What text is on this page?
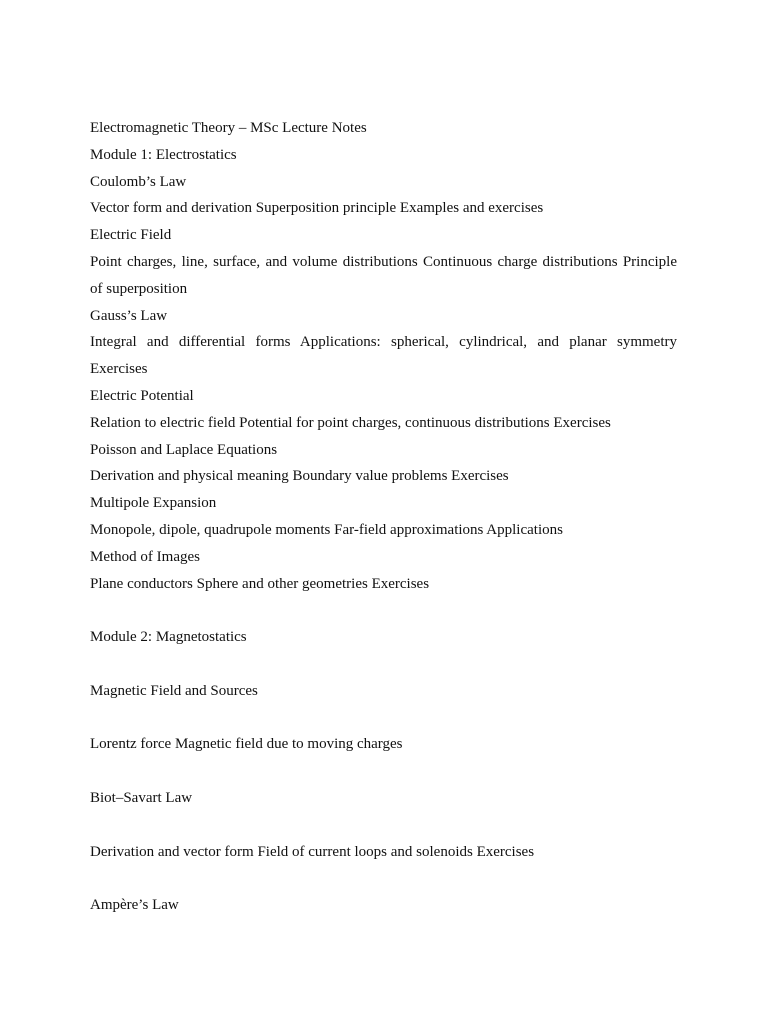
Electromagnetic Theory – MSc Lecture Notes

Module 1: Electrostatics

Coulomb’s Law

Vector form and derivation Superposition principle Examples and exercises

Electric Field

Point charges, line, surface, and volume distributions Continuous charge distributions Principle of superposition

Gauss’s Law

Integral and differential forms Applications: spherical, cylindrical, and planar symmetry Exercises

Electric Potential

Relation to electric field Potential for point charges, continuous distributions Exercises

Poisson and Laplace Equations

Derivation and physical meaning Boundary value problems Exercises

Multipole Expansion

Monopole, dipole, quadrupole moments Far-field approximations Applications

Method of Images

Plane conductors Sphere and other geometries Exercises

Module 2: Magnetostatics

Magnetic Field and Sources

Lorentz force Magnetic field due to moving charges

Biot–Savart Law

Derivation and vector form Field of current loops and solenoids Exercises

Ampère’s Law
